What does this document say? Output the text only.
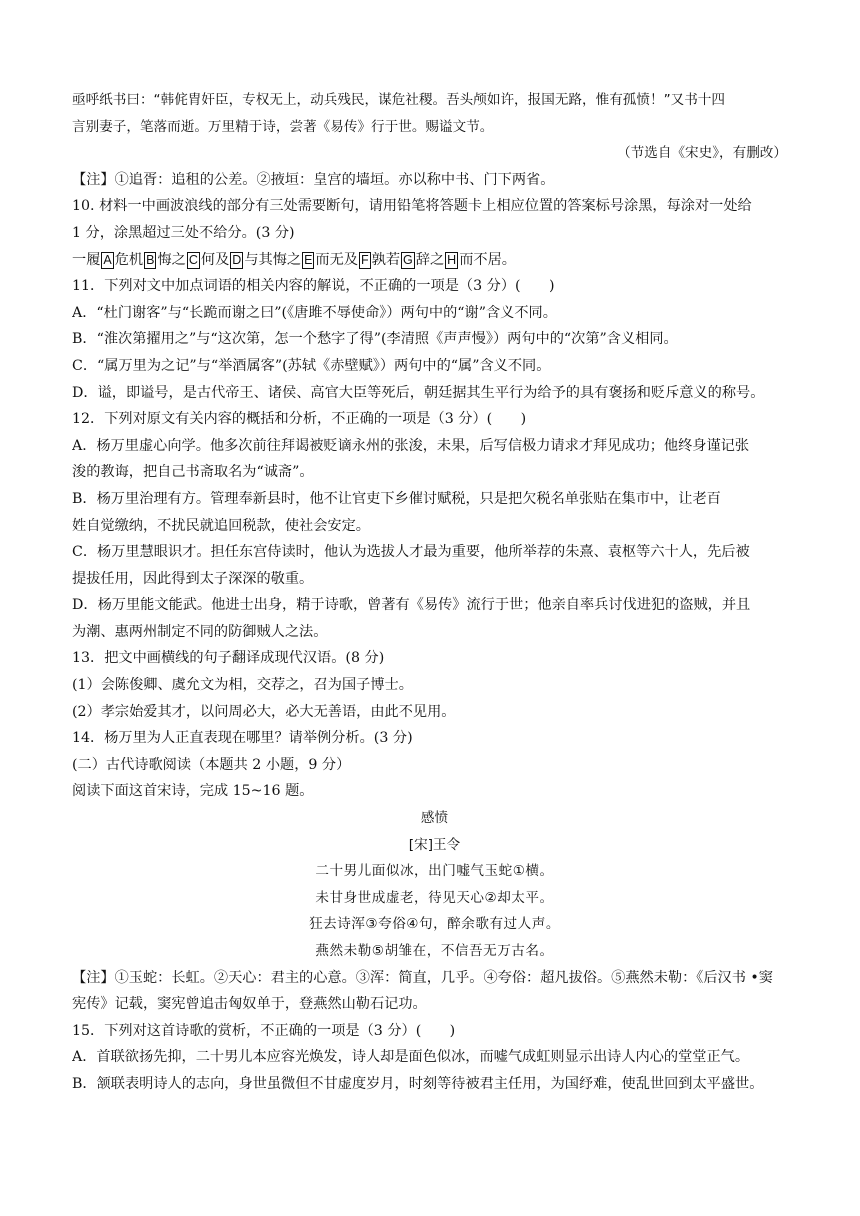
亟呼纸书曰：“韩侂胄奸臣，专权无上，动兵残民，谋危社稷。吾头颅如许，报国无路，惟有孤愤！”又书十四
言别妻子，笔落而逝。万里精于诗，尝著《易传》行于世。赐谥文节。
（节选自《宋史》，有删改）
【注】①追胥：追租的公差。②掖垣：皇宫的墙垣。亦以称中书、门下两省。
10. 材料一中画波浪线的部分有三处需要断句，请用铅笔将答题卡上相应位置的答案标号涂黑，每涂对一处给
1 分，涂黑超过三处不给分。(3 分)
一履 A 危机 B 悔之 C 何及 D 与其悔之 E 而无及 F 孰若 G 辞之 H 而不居。
11．下列对文中加点词语的相关内容的解说，不正确的一项是（3 分）(　　)
A．“杜门谢客”与“长跪而谢之曰”(《唐雎不辱使命》）两句中的“谢”含义不同。
B．“淮次第擢用之”与“这次第，怎一个愁字了得”(李清照《声声慢》）两句中的“次第”含义相同。
C．“属万里为之记”与“举酒属客”(苏轼《赤壁赋》）两句中的“属”含义不同。
D．谥，即谥号，是古代帝王、诸侯、高官大臣等死后，朝廷据其生平行为给予的具有褒扬和贬斥意义的称号。
12．下列对原文有关内容的概括和分析，不正确的一项是（3 分）(　　)
A．杨万里虚心向学。他多次前往拜谒被贬谪永州的张浚，未果，后写信极力请求才拜见成功；他终身谨记张
浚的教诲，把自己书斋取名为“诚斋”。
B．杨万里治理有方。管理奉新县时，他不让官吏下乡催讨赋税，只是把欠税名单张贴在集市中，让老百
姓自觉缴纳，不扰民就追回税款，使社会安定。
C．杨万里慧眼识才。担任东宫侍读时，他认为选拔人才最为重要，他所举荐的朱熹、袁枢等六十人，先后被
提拔任用，因此得到太子深深的敬重。
D．杨万里能文能武。他进士出身，精于诗歌，曾著有《易传》流行于世；他亲自率兵讨伐进犯的盗贼，并且
为潮、惠两州制定不同的防御贼人之法。
13．把文中画横线的句子翻译成现代汉语。(8 分)
(1）会陈俊卿、虞允文为相，交荐之，召为国子博士。
(2）孝宗始爱其才，以问周必大，必大无善语，由此不见用。
14．杨万里为人正直表现在哪里？请举例分析。(3 分)
(二）古代诗歌阅读（本题共 2 小题，9 分）
阅读下面这首宋诗，完成 15~16 题。
感愤
[宋]王令
二十男儿面似冰，出门嘘气玉蛇①横。
未甘身世成虚老，待见天心②却太平。
狂去诗浑③夸俗④句，醉余歌有过人声。
燕然未勒⑤胡雏在，不信吾无万古名。
【注】①玉蛇：长虹。②天心：君主的心意。③浑：简直，几乎。④夸俗：超凡拔俗。⑤燕然未勒：《后汉书 •窦
宪传》记载，窦宪曾追击匈奴单于，登燕然山勒石记功。
15．下列对这首诗歌的赏析，不正确的一项是（3 分）(　　)
A．首联欲扬先抑，二十男儿本应容光焕发，诗人却是面色似冰，而嘘气成虹则显示出诗人内心的堂堂正气。
B．颔联表明诗人的志向，身世虽微但不甘虚度岁月，时刻等待被君主任用，为国纾难，使乱世回到太平盛世。
